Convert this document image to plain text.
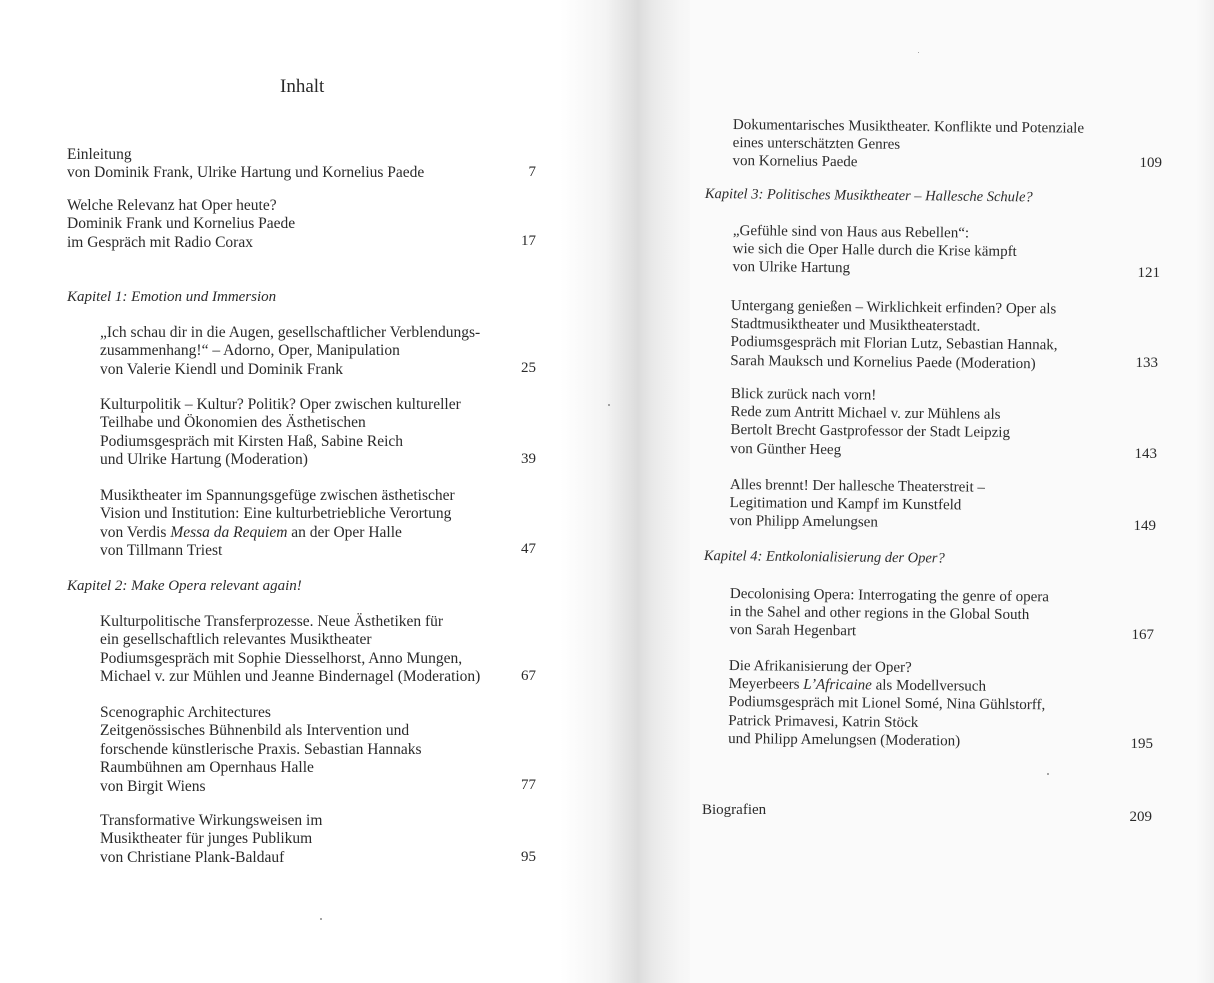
Inhalt
Einleitung
von Dominik Frank, Ulrike Hartung und Kornelius Paede	7
Welche Relevanz hat Oper heute?
Dominik Frank und Kornelius Paede
im Gespräch mit Radio Corax	17
Kapitel 1: Emotion und Immersion
„Ich schau dir in die Augen, gesellschaftlicher Verblendungs-
zusammenhang!“ – Adorno, Oper, Manipulation
von Valerie Kiendl und Dominik Frank	25
Kulturpolitik – Kultur? Politik? Oper zwischen kultureller
Teilhabe und Ökonomien des Ästhetischen
Podiumsgespräch mit Kirsten Haß, Sabine Reich
und Ulrike Hartung (Moderation)	39
Musiktheater im Spannungsgefüge zwischen ästhetischer
Vision und Institution: Eine kulturbetriebliche Verortung
von Verdis Messa da Requiem an der Oper Halle
von Tillmann Triest	47
Kapitel 2: Make Opera relevant again!
Kulturpolitische Transferprozesse. Neue Ästhetiken für
ein gesellschaftlich relevantes Musiktheater
Podiumsgespräch mit Sophie Diesselhorst, Anno Mungen,
Michael v. zur Mühlen und Jeanne Bindernagel (Moderation)	67
Scenographic Architectures
Zeitgenössisches Bühnenbild als Intervention und
forschende künstlerische Praxis. Sebastian Hannaks
Raumbühnen am Opernhaus Halle
von Birgit Wiens	77
Transformative Wirkungsweisen im
Musiktheater für junges Publikum
von Christiane Plank-Baldauf	95
Dokumentarisches Musiktheater. Konflikte und Potenziale
eines unterschätzten Genres
von Kornelius Paede	109
Kapitel 3: Politisches Musiktheater – Hallesche Schule?
„Gefühle sind von Haus aus Rebellen“:
wie sich die Oper Halle durch die Krise kämpft
von Ulrike Hartung	121
Untergang genießen – Wirklichkeit erfinden? Oper als
Stadtmusiktheater und Musiktheaterstadt.
Podiumsgespräch mit Florian Lutz, Sebastian Hannak,
Sarah Mauksch und Kornelius Paede (Moderation)	133
Blick zurück nach vorn!
Rede zum Antritt Michael v. zur Mühlens als
Bertolt Brecht Gastprofessor der Stadt Leipzig
von Günther Heeg	143
Alles brennt! Der hallesche Theaterstreit –
Legitimation und Kampf im Kunstfeld
von Philipp Amelungsen	149
Kapitel 4: Entkolonialisierung der Oper?
Decolonising Opera: Interrogating the genre of opera
in the Sahel and other regions in the Global South
von Sarah Hegenbart	167
Die Afrikanisierung der Oper?
Meyerbeers L’Africaine als Modellversuch
Podiumsgespräch mit Lionel Somé, Nina Gühlstorff,
Patrick Primavesi, Katrin Stöck
und Philipp Amelungsen (Moderation)	195
Biografien	209
